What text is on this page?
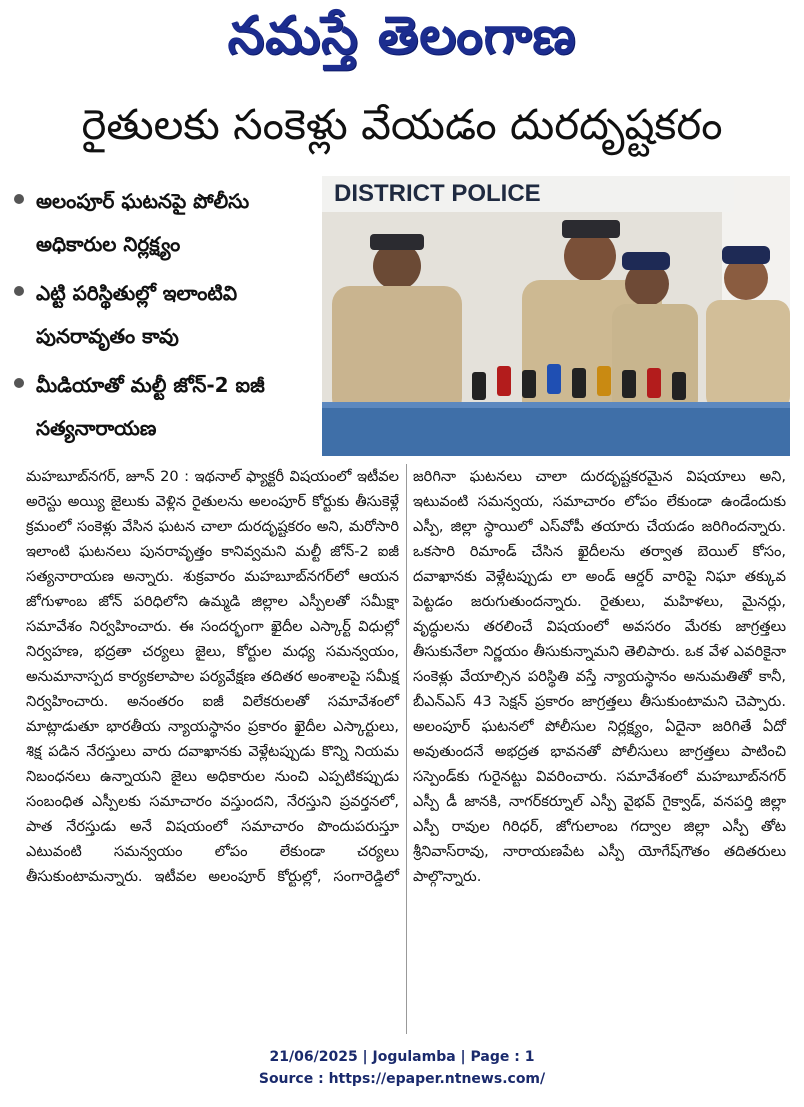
నమస్తే తెలంగాణ
రైతులకు సంకెళ్లు వేయడం దురదృష్టకరం
అలంపూర్ ఘటనపై పోలీసు అధికారుల నిర్లక్ష్యం
ఎట్టి పరిస్థితుల్లో ఇలాంటివి పునరావృతం కావు
మీడియాతో మల్టీ జోన్-2 ఐజీ సత్యనారాయణ
DISTRICT POLICE

మహబూబ్‌నగర్, జూన్ 20 : ఇథనాల్ ఫ్యాక్టరీ విషయంలో ఇటీవల అరెస్టు అయ్యి జైలుకు వెళ్లిన రైతులను అలంపూర్ కోర్టుకు తీసుకెళ్లే క్రమంలో సంకెళ్లు వేసిన ఘటన చాలా దురదృష్టకరం అని, మరోసారి ఇలాంటి ఘటనలు పునరావృత్తం కానివ్వమని మల్టీ జోన్-2 ఐజీ సత్యనారాయణ అన్నారు. శుక్రవారం మహబూబ్‌నగర్‌లో ఆయన జోగుళాంబ జోన్ పరిధిలోని ఉమ్మడి జిల్లాల ఎస్పీలతో సమీక్షా సమావేశం నిర్వహించారు. ఈ సందర్భంగా ఖైదీల ఎస్కార్ట్ విధుల్లో నిర్వహణ, భద్రతా చర్యలు జైలు, కోర్టుల మధ్య సమన్వయం, అనుమానాస్పద కార్యకలాపాల పర్యవేక్షణ తదితర అంశాలపై సమీక్ష నిర్వహించారు. అనంతరం ఐజీ విలేకరులతో సమావేశంలో మాట్లాడుతూ భారతీయ న్యాయస్థానం ప్రకారం ఖైదీల ఎస్కార్టులు, శిక్ష పడిన నేరస్తులు వారు దవాఖానకు వెళ్లేటప్పుడు కొన్ని నియమ నిబంధనలు ఉన్నాయని జైలు అధికారుల నుంచి ఎప్పటికప్పుడు సంబంధిత ఎస్పీలకు సమాచారం వస్తుందని, నేరస్తుని ప్రవర్తనలో, పాత నేరస్తుడు అనే విషయంలో సమాచారం పొందుపరుస్తూ ఎటువంటి సమన్వయం లోపం లేకుండా చర్యలు తీసుకుంటామన్నారు. ఇటీవల అలంపూర్ కోర్టుల్లో, సంగారెడ్డిలో జరిగినా ఘటనలు చాలా దురదృష్టకరమైన విషయాలు అని, ఇటువంటి సమన్వయ, సమాచారం లోపం లేకుండా ఉండేందుకు ఎస్పీ, జిల్లా స్థాయిలో ఎస్‌వోపీ తయారు చేయడం జరిగిందన్నారు. ఒకసారి రిమాండ్ చేసిన ఖైదీలను తర్వాత బెయిల్ కోసం, దవాఖానకు వెళ్లేటప్పుడు లా అండ్ ఆర్డర్ వారిపై నిఘా తక్కువ పెట్టడం జరుగుతుందన్నారు. రైతులు, మహిళలు, మైనర్లు, వృద్ధులను తరలించే విషయంలో అవసరం మేరకు జాగ్రత్తలు తీసుకునేలా నిర్ణయం తీసుకున్నామని తెలిపారు. ఒక వేళ ఎవరికైనా సంకెళ్లు వేయాల్సిన పరిస్థితి వస్తే న్యాయస్థానం అనుమతితో కానీ, బీఎన్‌ఎస్ 43 సెక్షన్ ప్రకారం జాగ్రత్తలు తీసుకుంటామని చెప్పారు. అలంపూర్ ఘటనలో పోలీసుల నిర్లక్ష్యం, ఏదైనా జరిగితే ఏదో అవుతుందనే అభద్రత భావనతో పోలీసులు జాగ్రత్తలు పాటించి సస్పెండ్‌కు గురైనట్టు వివరించారు. సమావేశంలో మహబూబ్‌నగర్ ఎస్పీ డీ జానకి, నాగర్‌కర్నూల్ ఎస్పీ వైభవ్ గైక్వాడ్, వనపర్తి జిల్లా ఎస్పీ రావుల గిరిధర్, జోగులాంబ గద్వాల జిల్లా ఎస్పీ తోట శ్రీనివాస్‌రావు, నారాయణపేట ఎస్పీ యోగేష్‌గౌతం తదితరులు పాల్గొన్నారు.

21/06/2025 | Jogulamba | Page : 1
Source : https://epaper.ntnews.com/
